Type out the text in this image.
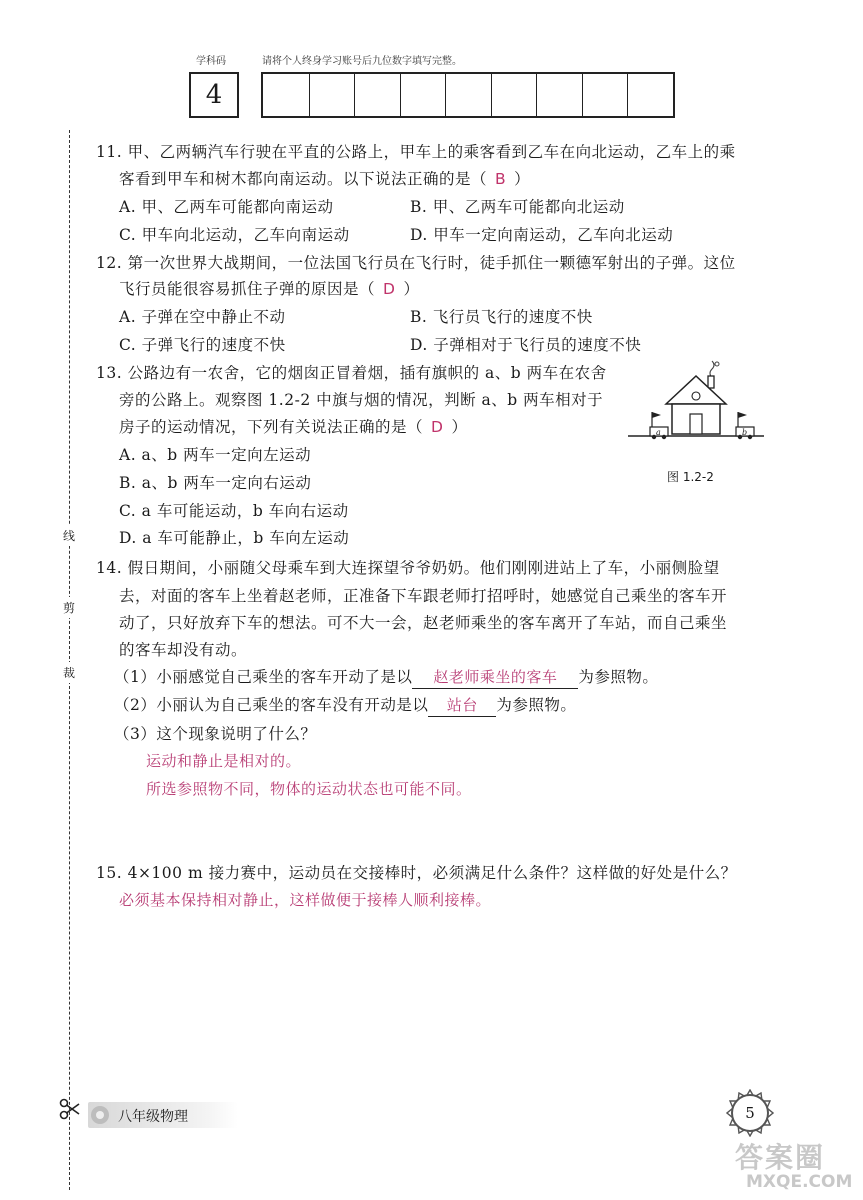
学科码	请将个人终身学习账号后九位数字填写完整。
4
线
剪
裁
11. 甲、乙两辆汽车行驶在平直的公路上，甲车上的乘客看到乙车在向北运动，乙车上的乘
客看到甲车和树木都向南运动。以下说法正确的是（ B ）
A. 甲、乙两车可能都向南运动	B. 甲、乙两车可能都向北运动
C. 甲车向北运动，乙车向南运动	D. 甲车一定向南运动，乙车向北运动
12. 第一次世界大战期间，一位法国飞行员在飞行时，徒手抓住一颗德军射出的子弹。这位
飞行员能很容易抓住子弹的原因是（ D ）
A. 子弹在空中静止不动	B. 飞行员飞行的速度不快
C. 子弹飞行的速度不快	D. 子弹相对于飞行员的速度不快
13. 公路边有一农舍，它的烟囱正冒着烟，插有旗帜的 a、b 两车在农舍
旁的公路上。观察图 1.2-2 中旗与烟的情况，判断 a、b 两车相对于
房子的运动情况，下列有关说法正确的是（ D ）
A. a、b 两车一定向左运动
B. a、b 两车一定向右运动
C. a 车可能运动，b 车向右运动
D. a 车可能静止，b 车向左运动
a	b
图 1.2-2
14. 假日期间，小丽随父母乘车到大连探望爷爷奶奶。他们刚刚进站上了车，小丽侧脸望
去，对面的客车上坐着赵老师，正准备下车跟老师打招呼时，她感觉自己乘坐的客车开
动了，只好放弃下车的想法。可不大一会，赵老师乘坐的客车离开了车站，而自己乘坐
的客车却没有动。
（1）小丽感觉自己乘坐的客车开动了是以 赵老师乘坐的客车 为参照物。
（2）小丽认为自己乘坐的客车没有开动是以 站台 为参照物。
（3）这个现象说明了什么？
运动和静止是相对的。
所选参照物不同，物体的运动状态也可能不同。
15. 4×100 m 接力赛中，运动员在交接棒时，必须满足什么条件？这样做的好处是什么？
必须基本保持相对静止，这样做便于接棒人顺利接棒。
八年级物理	5
答案圈
MXQE.COM
